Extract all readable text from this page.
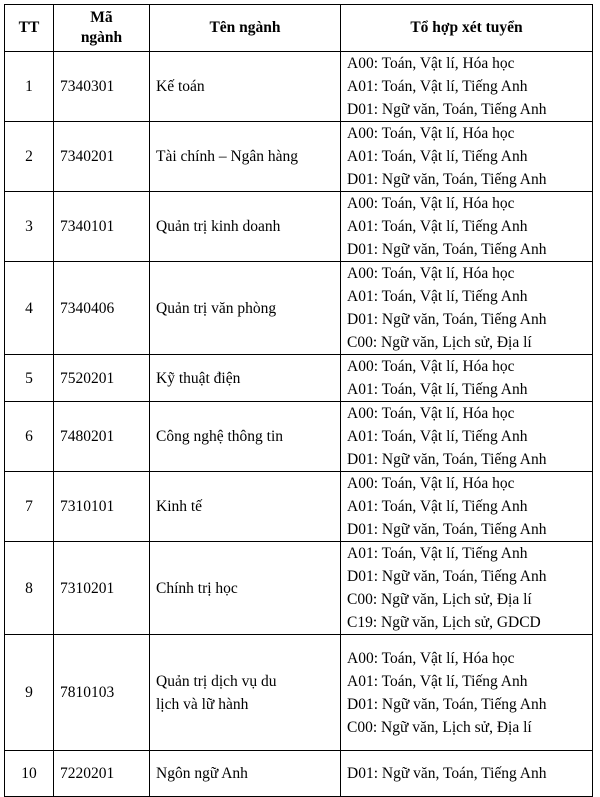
TT	Mã
ngành	Tên ngành	Tổ hợp xét tuyển
1	7340301	Kế toán	A00: Toán, Vật lí, Hóa học
A01: Toán, Vật lí, Tiếng Anh
D01: Ngữ văn, Toán, Tiếng Anh

2	7340201	Tài chính – Ngân hàng	A00: Toán, Vật lí, Hóa học
A01: Toán, Vật lí, Tiếng Anh
D01: Ngữ văn, Toán, Tiếng Anh

3	7340101	Quản trị kinh doanh	A00: Toán, Vật lí, Hóa học
A01: Toán, Vật lí, Tiếng Anh
D01: Ngữ văn, Toán, Tiếng Anh

4	7340406	Quản trị văn phòng	A00: Toán, Vật lí, Hóa học
A01: Toán, Vật lí, Tiếng Anh
D01: Ngữ văn, Toán, Tiếng Anh
C00: Ngữ văn, Lịch sử, Địa lí

5	7520201	Kỹ thuật điện	A00: Toán, Vật lí, Hóa học
A01: Toán, Vật lí, Tiếng Anh

6	7480201	Công nghệ thông tin	A00: Toán, Vật lí, Hóa học
A01: Toán, Vật lí, Tiếng Anh
D01: Ngữ văn, Toán, Tiếng Anh

7	7310101	Kinh tế	A00: Toán, Vật lí, Hóa học
A01: Toán, Vật lí, Tiếng Anh
D01: Ngữ văn, Toán, Tiếng Anh

8	7310201	Chính trị học	A01: Toán, Vật lí, Tiếng Anh
D01: Ngữ văn, Toán, Tiếng Anh
C00: Ngữ văn, Lịch sử, Địa lí
C19: Ngữ văn, Lịch sử, GDCD

9	7810103	Quản trị dịch vụ du lịch và lữ hành	A00: Toán, Vật lí, Hóa học
A01: Toán, Vật lí, Tiếng Anh
D01: Ngữ văn, Toán, Tiếng Anh
C00: Ngữ văn, Lịch sử, Địa lí

10	7220201	Ngôn ngữ Anh	D01: Ngữ văn, Toán, Tiếng Anh
